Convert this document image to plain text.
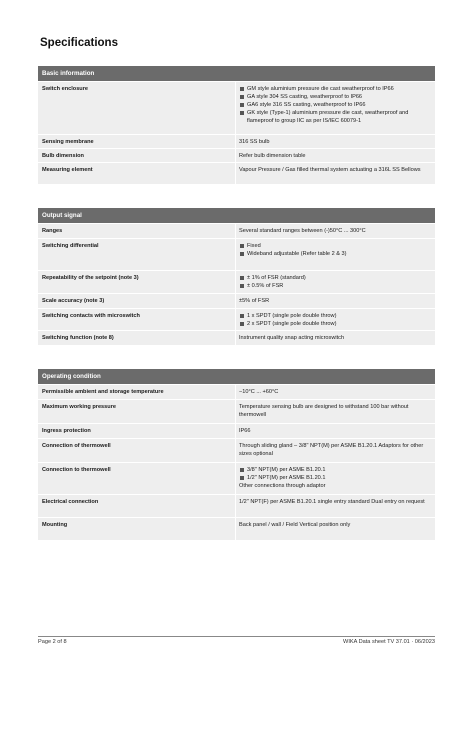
Specifications
Basic information
Switch enclosure	GM style aluminium pressure die cast weatherproof to IP66
GA style 304 SS casting, weatherproof to IP66
GA6 style 316 SS casting, weatherproof to IP66
GK style (Type-1) aluminium pressure die cast, weatherproof and flameproof to group IIC as per IS/IEC 60079-1
Sensing membrane	316 SS bulb
Bulb dimension	Refer bulb dimension table
Measuring element	Vapour Pressure / Gas filled thermal system actuating a 316L SS Bellows
Output signal
Ranges	Several standard ranges between (-)50°C ... 300°C
Switching differential	Fixed
Wideband adjustable (Refer table 2 & 3)
Repeatability of the setpoint (note 3)	± 1% of FSR (standard)
± 0.5% of FSR
Scale accuracy (note 3)	±5% of FSR
Switching contacts with microswitch	1 x SPDT (single pole double throw)
2 x SPDT (single pole double throw)
Switching function (note 8)	Instrument quality snap acting microswitch
Operating condition
Permissible ambient and storage temperature	−10°C ... +60°C
Maximum working pressure	Temperature sensing bulb are designed to withstand 100 bar without thermowell
Ingress protection	IP66
Connection of thermowell	Through sliding gland – 3/8" NPT(M) per ASME B1.20.1 Adaptors for other sizes optional
Connection to thermowell	3/8" NPT(M) per ASME B1.20.1
1/2" NPT(M) per ASME B1.20.1
Other connections through adaptor
Electrical connection	1/2" NPT(F) per ASME B1.20.1 single entry standard Dual entry on request
Mounting	Back panel / wall / Field Vertical position only
Page 2 of 8	WIKA Data sheet TV 37.01 · 06/2023
